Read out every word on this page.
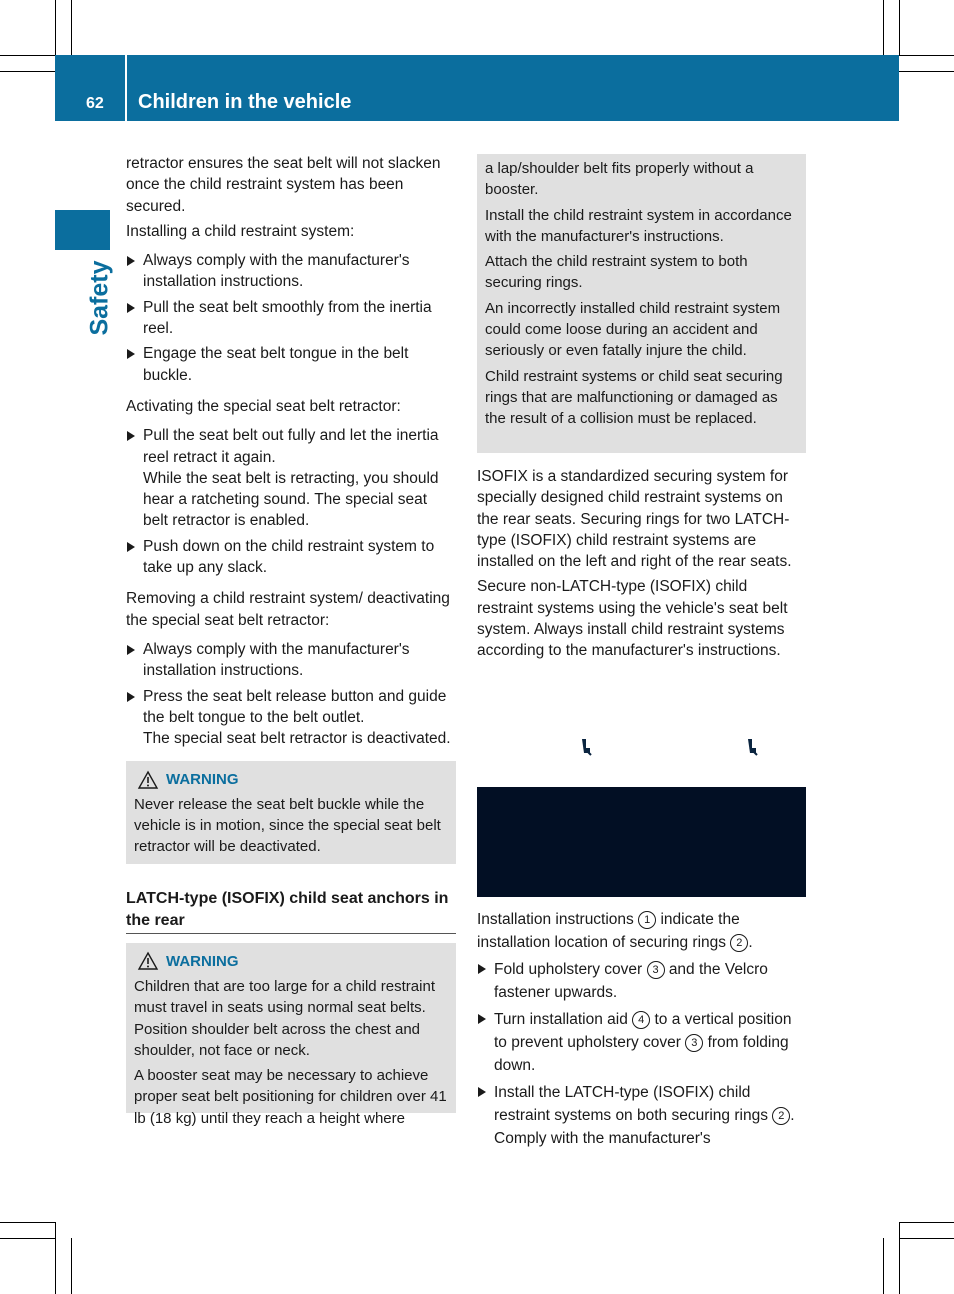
62 Children in the vehicle
Safety

retractor ensures the seat belt will not slacken once the child restraint system has been secured.

Installing a child restraint system:

Always comply with the manufacturer's installation instructions.

Pull the seat belt smoothly from the inertia reel.

Engage the seat belt tongue in the belt buckle.

Activating the special seat belt retractor:

Pull the seat belt out fully and let the inertia reel retract it again.
While the seat belt is retracting, you should hear a ratcheting sound. The special seat belt retractor is enabled.

Push down on the child restraint system to take up any slack.

Removing a child restraint system/ deactivating the special seat belt retractor:

Always comply with the manufacturer's installation instructions.

Press the seat belt release button and guide the belt tongue to the belt outlet.
The special seat belt retractor is deactivated.

WARNING

Never release the seat belt buckle while the vehicle is in motion, since the special seat belt retractor will be deactivated.

LATCH-type (ISOFIX) child seat anchors in the rear
WARNING

Children that are too large for a child restraint must travel in seats using normal seat belts. Position shoulder belt across the chest and shoulder, not face or neck.

A booster seat may be necessary to achieve proper seat belt positioning for children over 41 lb (18 kg) until they reach a height where

a lap/shoulder belt fits properly without a booster.

Install the child restraint system in accordance with the manufacturer's instructions.

Attach the child restraint system to both securing rings.

An incorrectly installed child restraint system could come loose during an accident and seriously or even fatally injure the child.

Child restraint systems or child seat securing rings that are malfunctioning or damaged as the result of a collision must be replaced.

ISOFIX is a standardized securing system for specially designed child restraint systems on the rear seats. Securing rings for two LATCH-type (ISOFIX) child restraint systems are installed on the left and right of the rear seats.

Secure non-LATCH-type (ISOFIX) child restraint systems using the vehicle's seat belt system. Always install child restraint systems according to the manufacturer's instructions.

Installation instructions 1 indicate the installation location of securing rings 2 .

Fold upholstery cover 3 and the Velcro fastener upwards.

Turn installation aid 4 to a vertical position to prevent upholstery cover 3 from folding down.

Install the LATCH-type (ISOFIX) child restraint systems on both securing rings 2 . Comply with the manufacturer's
